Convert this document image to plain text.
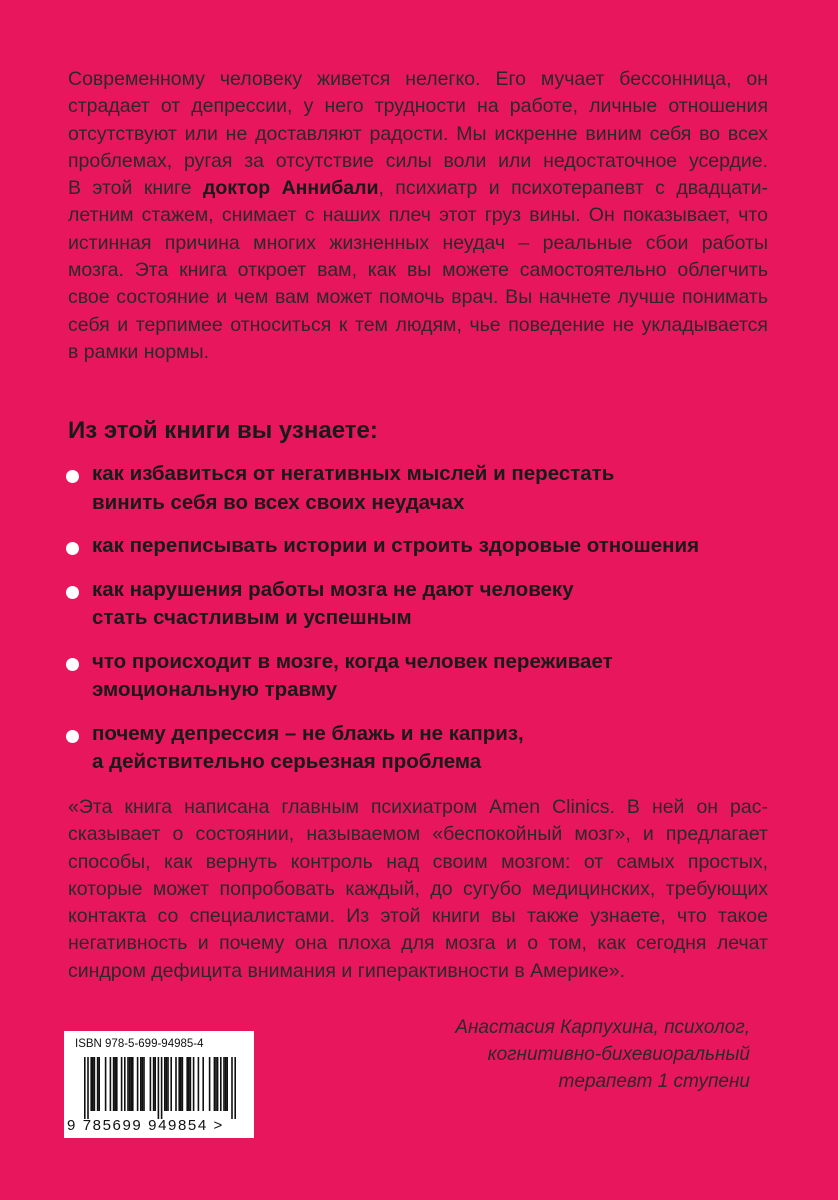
Современному человеку живется нелегко. Его мучает бессонница, он
страдает от депрессии, у него трудности на работе, личные отношения
отсутствуют или не доставляют радости. Мы искренне виним себя во всех
проблемах, ругая за отсутствие силы воли или недостаточное усердие.
В этой книге доктор Аннибали, психиатр и психотерапевт с двадцати-
летним стажем, снимает с наших плеч этот груз вины. Он показывает, что
истинная причина многих жизненных неудач – реальные сбои работы
мозга. Эта книга откроет вам, как вы можете самостоятельно облегчить
свое состояние и чем вам может помочь врач. Вы начнете лучше понимать
себя и терпимее относиться к тем людям, чье поведение не укладывается
в рамки нормы.
Из этой книги вы узнаете:
как избавиться от негативных мыслей и перестать
винить себя во всех своих неудачах
как переписывать истории и строить здоровые отношения
как нарушения работы мозга не дают человеку
стать счастливым и успешным
что происходит в мозге, когда человек переживает
эмоциональную травму
почему депрессия – не блажь и не каприз,
а действительно серьезная проблема
«Эта книга написана главным психиатром Amen Clinics. В ней он рас-
сказывает о состоянии, называемом «беспокойный мозг», и предлагает
способы, как вернуть контроль над своим мозгом: от самых простых,
которые может попробовать каждый, до сугубо медицинских, требующих
контакта со специалистами. Из этой книги вы также узнаете, что такое
негативность и почему она плоха для мозга и о том, как сегодня лечат
синдром дефицита внимания и гиперактивности в Америке».
Анастасия Карпухина, психолог,
когнитивно-бихевиоральный
терапевт 1 ступени
ISBN 978-5-699-94985-4
9 785699 949854 >
